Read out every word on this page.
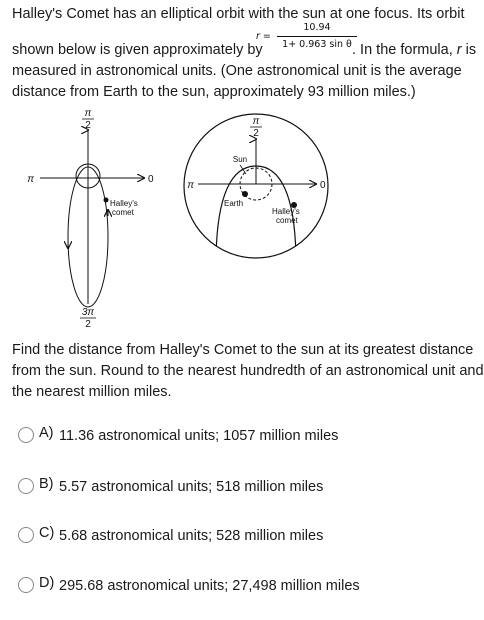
Halley's Comet has an elliptical orbit with the sun at one focus. Its orbit
shown below is given approximately by
r =
10.94
1+ 0.963 sin θ . In the formula, r is
measured in astronomical units. (One astronomical unit is the average
distance from Earth to the sun, approximately 93 million miles.)
π
2
π	0
Halley's
comet
3π
2
π
2
π	0
Sun
Earth
Halley's
comet
Find the distance from Halley's Comet to the sun at its greatest distance
from the sun. Round to the nearest hundredth of an astronomical unit and
the nearest million miles.
A) 11.36 astronomical units; 1057 million miles
B) 5.57 astronomical units; 518 million miles
C) 5.68 astronomical units; 528 million miles
D) 295.68 astronomical units; 27,498 million miles
